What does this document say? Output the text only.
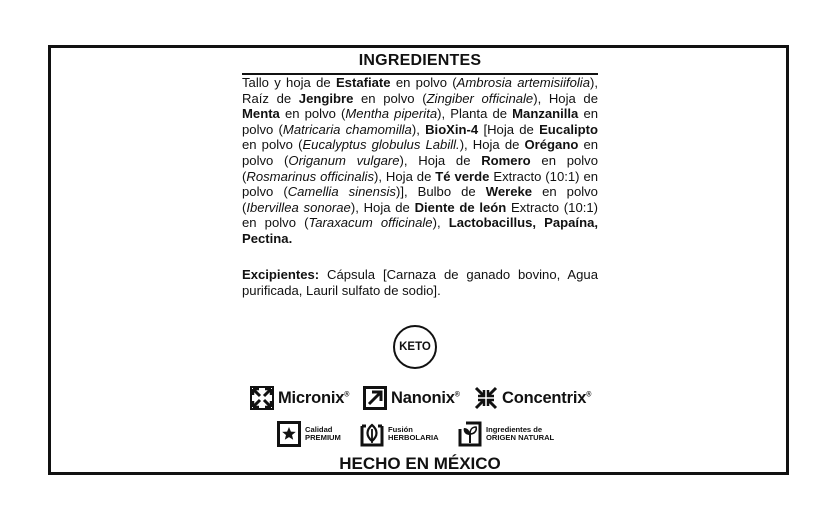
INGREDIENTES

Tallo y hoja de Estafiate en polvo (Ambrosia artemisiifolia), Raíz de Jengibre en polvo (Zingiber officinale), Hoja de Menta en polvo (Mentha piperita), Planta de Manzanilla en polvo (Matricaria chamomilla), BioXin-4 [Hoja de Eucalipto en polvo (Eucalyptus globulus Labill.), Hoja de Orégano en polvo (Origanum vulgare), Hoja de Romero en polvo (Rosmarinus officinalis), Hoja de Té verde Extracto (10:1) en polvo (Camellia sinensis)], Bulbo de Wereke en polvo (Ibervillea sonorae), Hoja de Diente de león Extracto (10:1) en polvo (Taraxacum officinale), Lactobacillus, Papaína, Pectina.

Excipientes: Cápsula [Carnaza de ganado bovino, Agua purificada, Lauril sulfato de sodio].

KETO
Micronix®	Nanonix®	Concentrix®
Calidad
PREMIUM
Fusión
HERBOLARIA
Ingredientes de
ORIGEN NATURAL
HECHO EN MÉXICO
